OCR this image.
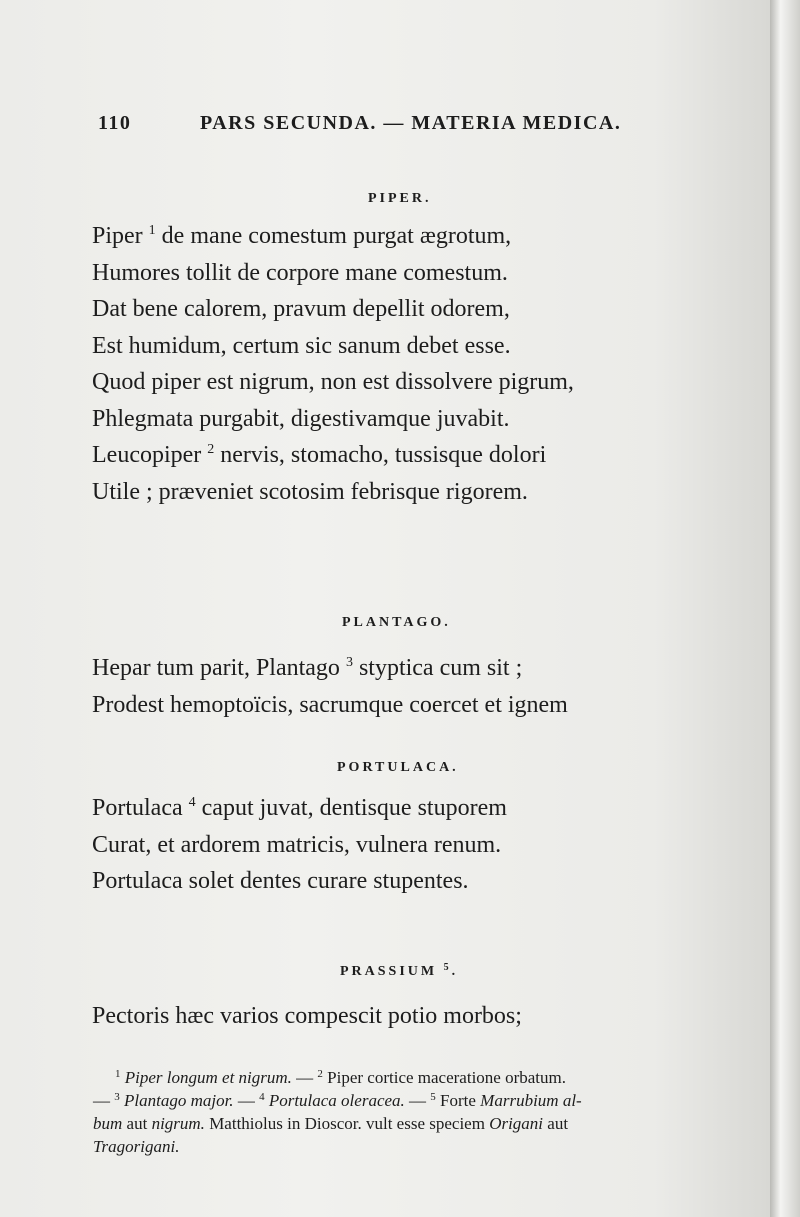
110	PARS SECUNDA. — MATERIA MEDICA.
PIPER.
Piper $^1$ de mane comestum purgat ægrotum,
Humores tollit de corpore mane comestum.
Dat bene calorem, pravum depellit odorem,
Est humidum, certum sic sanum debet esse.
Quod piper est nigrum, non est dissolvere pigrum,
Phlegmata purgabit, digestivamque juvabit.
Leucopiper $^2$ nervis, stomacho, tussisque dolori
Utile ; præveniet scotosim febrisque rigorem.
PLANTAGO.
Hepar tum parit, Plantago $^3$ styptica cum sit ;
Prodest hemoptoïcis, sacrumque coercet et ignem
PORTULACA.
Portulaca $^4$ caput juvat, dentisque stuporem
Curat, et ardorem matricis, vulnera renum.
Portulaca solet dentes curare stupentes.
PRASSIUM $^5$.
Pectoris hæc varios compescit potio morbos;
$^1$ Piper longum et nigrum. — $^2$ Piper cortice maceratione orbatum.
— $^3$ Plantago major. — $^4$ Portulaca oleracea. — $^5$ Forte Marrubium al-
bum aut nigrum. Matthiolus in Dioscor. vult esse speciem Origani aut
Tragorigani.
